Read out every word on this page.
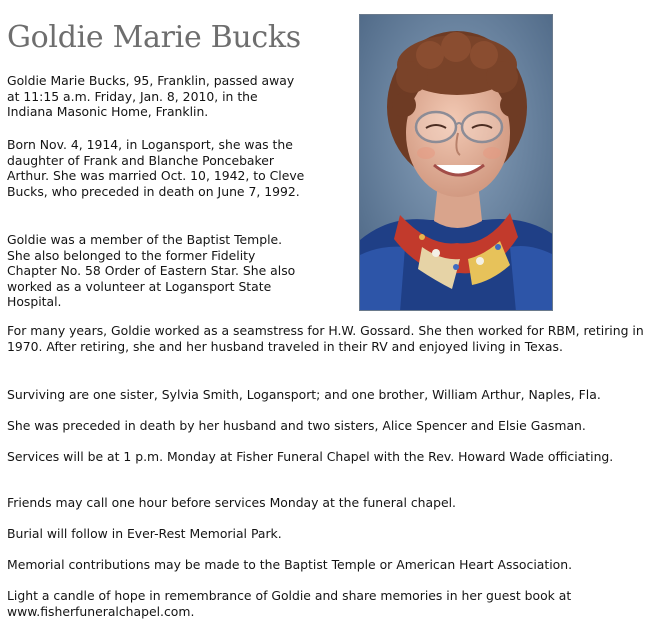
Goldie Marie Bucks

Goldie Marie Bucks, 95, Franklin, passed away at 11:15 a.m. Friday, Jan. 8, 2010, in the Indiana Masonic Home, Franklin.

Born Nov. 4, 1914, in Logansport, she was the daughter of Frank and Blanche Poncebaker Arthur. She was married Oct. 10, 1942, to Cleve Bucks, who preceded in death on June 7, 1992.

Goldie was a member of the Baptist Temple. She also belonged to the former Fidelity Chapter No. 58 Order of Eastern Star. She also worked as a volunteer at Logansport State Hospital.

For many years, Goldie worked as a seamstress for H.W. Gossard. She then worked for RBM, retiring in 1970. After retiring, she and her husband traveled in their RV and enjoyed living in Texas.

Surviving are one sister, Sylvia Smith, Logansport; and one brother, William Arthur, Naples, Fla.

She was preceded in death by her husband and two sisters, Alice Spencer and Elsie Gasman.

Services will be at 1 p.m. Monday at Fisher Funeral Chapel with the Rev. Howard Wade officiating.

Friends may call one hour before services Monday at the funeral chapel.

Burial will follow in Ever-Rest Memorial Park.

Memorial contributions may be made to the Baptist Temple or American Heart Association.

Light a candle of hope in remembrance of Goldie and share memories in her guest book at www.fisherfuneralchapel.com.
